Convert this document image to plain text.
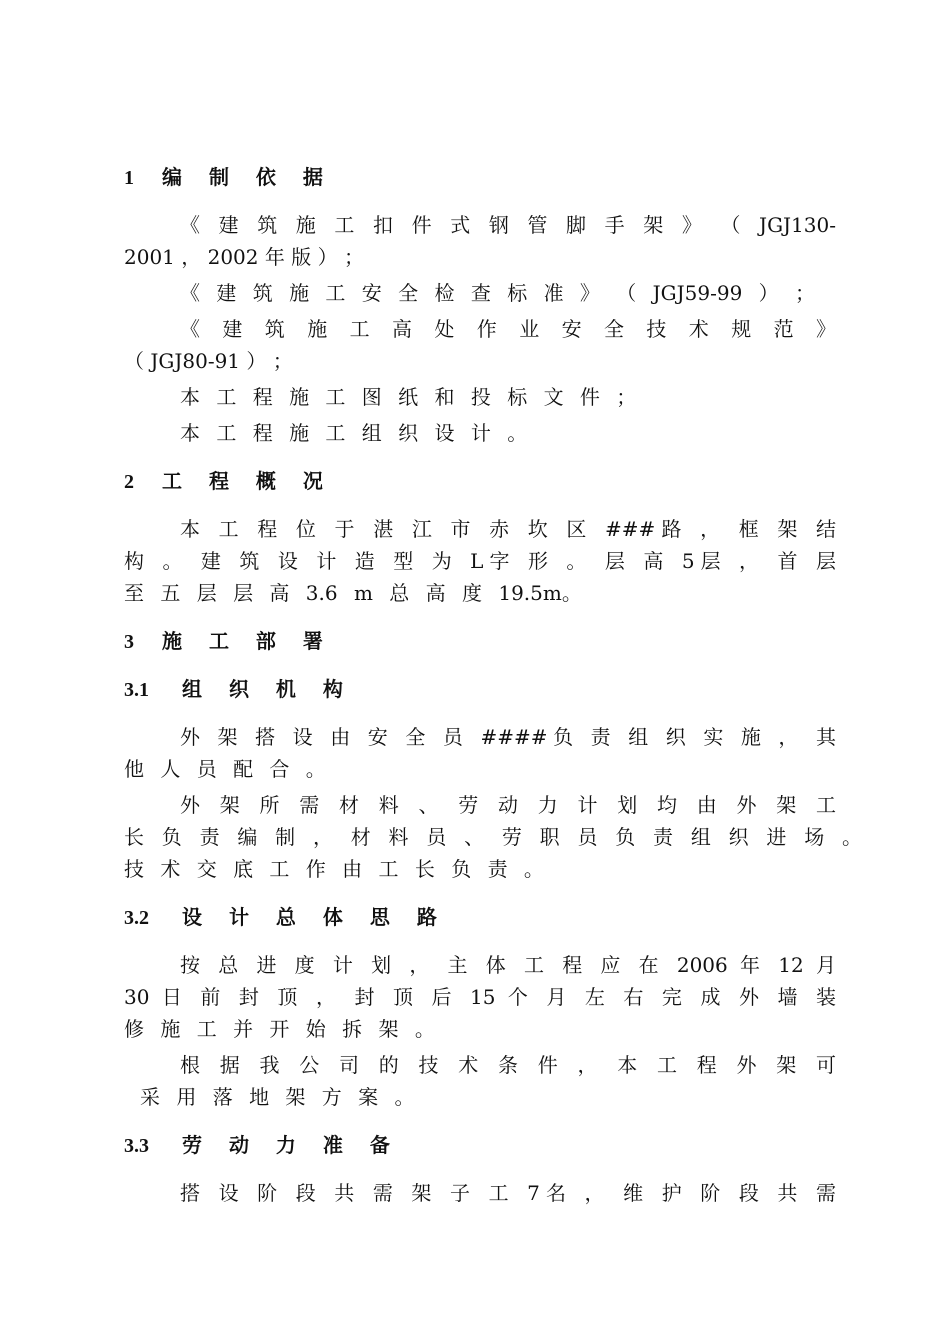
1 编 制 依 据
《 建 筑 施 工 扣 件 式 钢 管 脚 手 架 》 （ JGJ130-
2001 ， 2002 年 版 ） ；
《 建 筑 施 工 安 全 检 查 标 准 》 （ JGJ59-99 ） ；
《 建 筑 施 工 高 处 作 业 安 全 技 术 规 范 》
（ JGJ80-91 ） ；
本 工 程 施 工 图 纸 和 投 标 文 件 ；
本 工 程 施 工 组 织 设 计 。
2 工 程 概 况
本 工 程 位 于 湛 江 市 赤 坎 区 ###路 ， 框 架 结
构 。 建 筑 设 计 造 型 为 L字 形 。 层 高 5层 ， 首 层
至 五 层 层 高 3.6 m 总 高 度 19.5m。
3 施 工 部 署
3.1 组 织 机 构
外 架 搭 设 由 安 全 员 ####负 责 组 织 实 施 ， 其
他 人 员 配 合 。
外 架 所 需 材 料 、 劳 动 力 计 划 均 由 外 架 工
长 负 责 编 制 ， 材 料 员 、 劳 职 员 负 责 组 织 进 场 。
技 术 交 底 工 作 由 工 长 负 责 。
3.2 设 计 总 体 思 路
按 总 进 度 计 划 ， 主 体 工 程 应 在 2006 年 12 月
30 日 前 封 顶 ， 封 顶 后 15 个 月 左 右 完 成 外 墙 装
修 施 工 并 开 始 拆 架 。
根 据 我 公 司 的 技 术 条 件 ， 本 工 程 外 架 可
采 用 落 地 架 方 案 。
3.3 劳 动 力 准 备
搭 设 阶 段 共 需 架 子 工 7名 ， 维 护 阶 段 共 需
